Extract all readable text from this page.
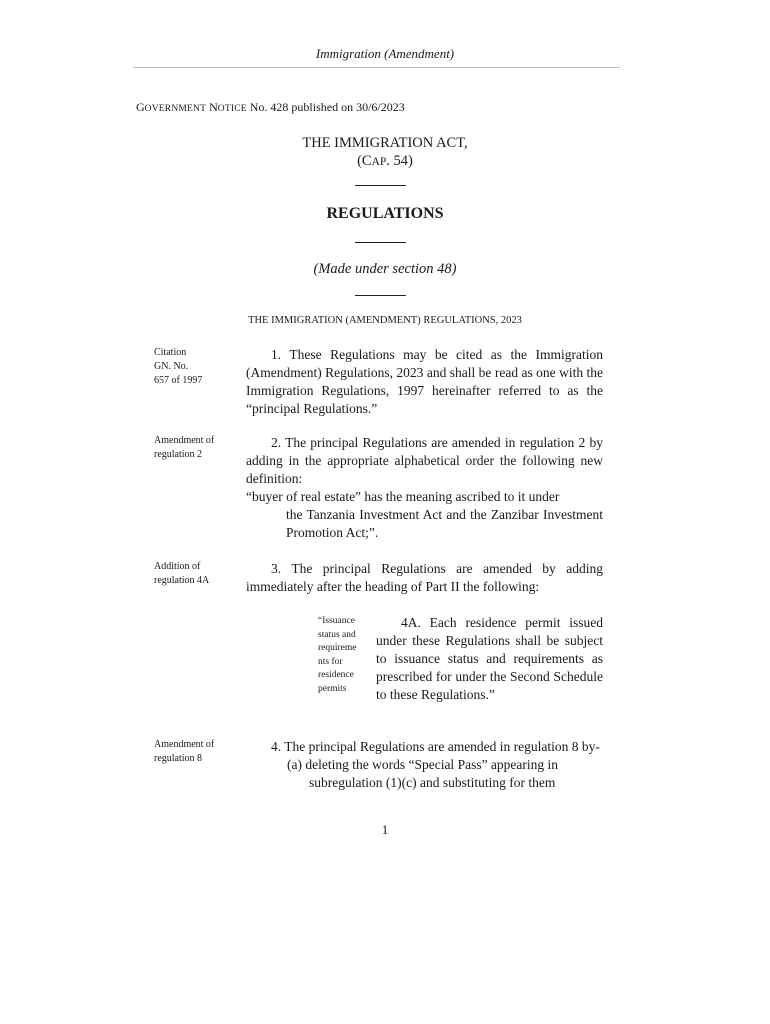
Immigration (Amendment)
GOVERNMENT NOTICE No. 428 published on 30/6/2023
THE IMMIGRATION ACT,
(CAP. 54)
REGULATIONS
(Made under section 48)
THE IMMIGRATION (AMENDMENT) REGULATIONS, 2023
Citation
GN. No.
657 of 1997

1. These Regulations may be cited as the Immigration (Amendment) Regulations, 2023 and shall be read as one with the Immigration Regulations, 1997 hereinafter referred to as the “principal Regulations.”

Amendment of
regulation 2

2. The principal Regulations are amended in regulation 2 by adding in the appropriate alphabetical order the following new definition:

“buyer of real estate” has the meaning ascribed to it under

the Tanzania Investment Act and the Zanzibar Investment Promotion Act;”.

Addition of
regulation 4A

3. The principal Regulations are amended by adding immediately after the heading of Part II the following:

“Issuance
status and
requireme
nts for
residence
permits

4A. Each residence permit issued under these Regulations shall be subject to issuance status and requirements as prescribed for under the Second Schedule to these Regulations.”

Amendment of
regulation 8

4. The principal Regulations are amended in regulation 8 by-

(a) deleting the words “Special Pass” appearing in

subregulation (1)(c) and substituting for them

1
